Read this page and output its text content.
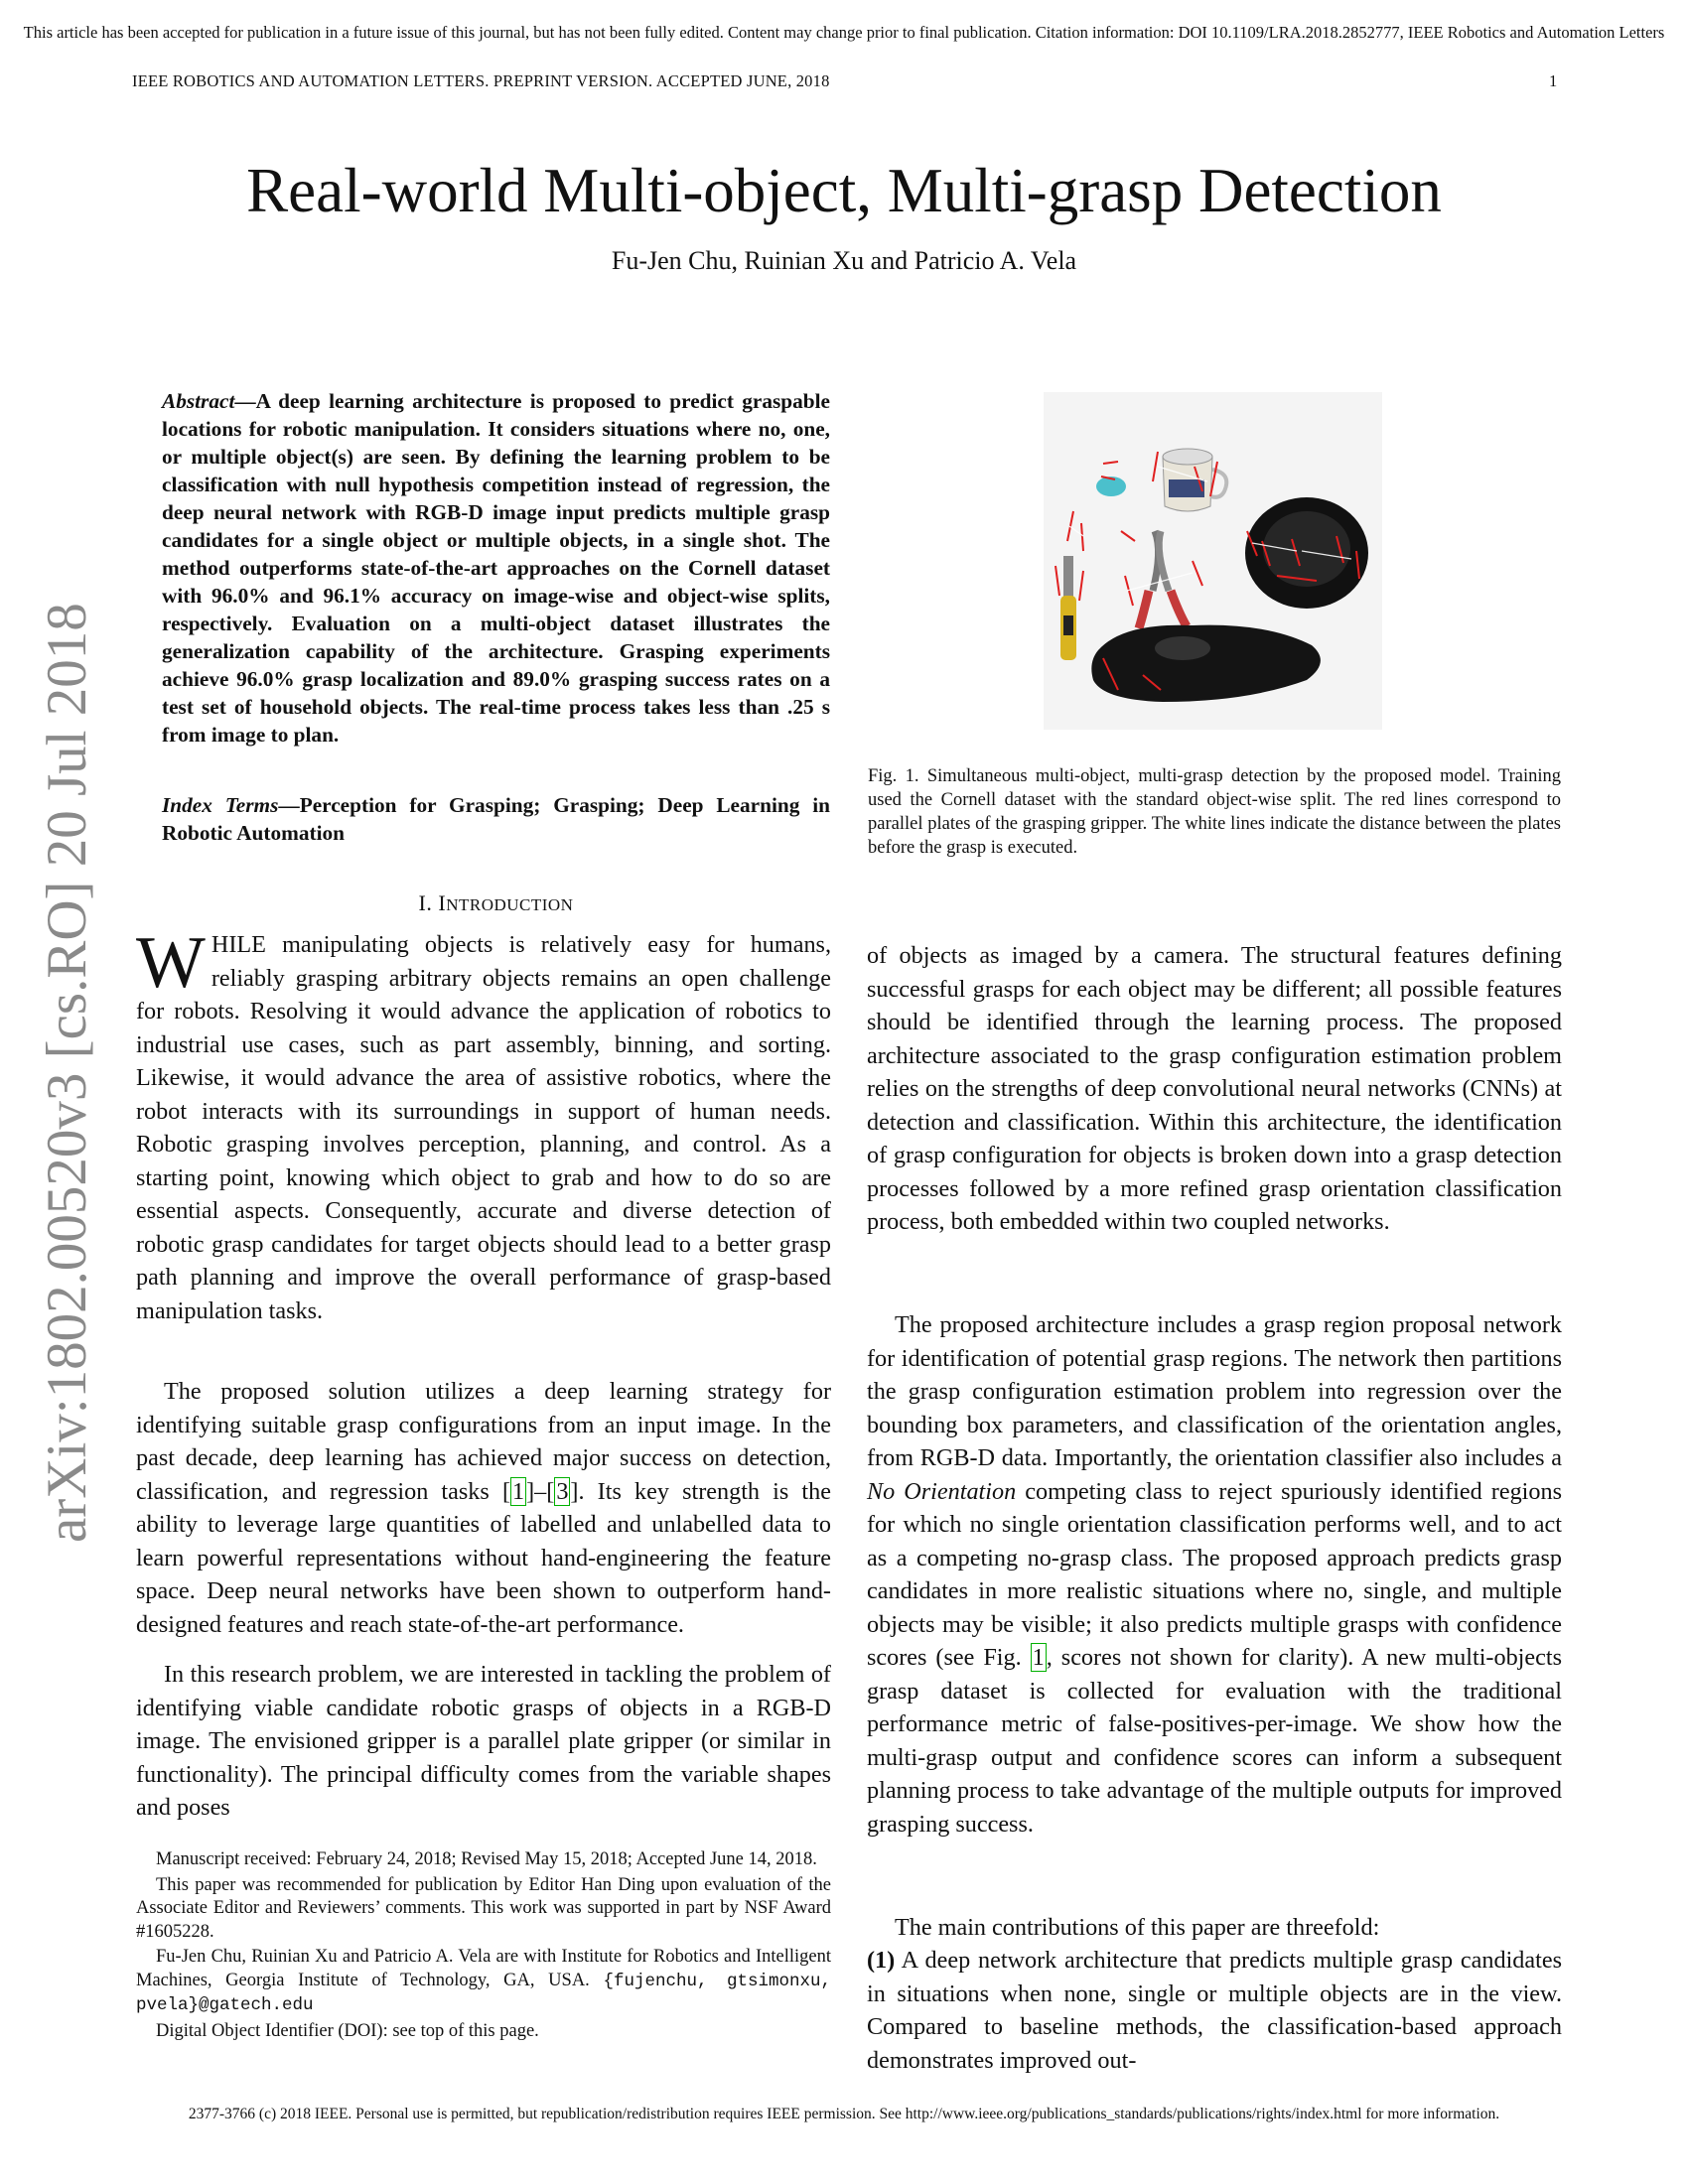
This article has been accepted for publication in a future issue of this journal, but has not been fully edited. Content may change prior to final publication. Citation information: DOI 10.1109/LRA.2018.2852777, IEEE Robotics and Automation Letters
IEEE ROBOTICS AND AUTOMATION LETTERS. PREPRINT VERSION. ACCEPTED JUNE, 2018	1
Real-world Multi-object, Multi-grasp Detection
Fu-Jen Chu, Ruinian Xu and Patricio A. Vela
arXiv:1802.00520v3 [cs.RO] 20 Jul 2018
Abstract—A deep learning architecture is proposed to predict graspable locations for robotic manipulation. It considers situations where no, one, or multiple object(s) are seen. By defining the learning problem to be classification with null hypothesis competition instead of regression, the deep neural network with RGB-D image input predicts multiple grasp candidates for a single object or multiple objects, in a single shot. The method outperforms state-of-the-art approaches on the Cornell dataset with 96.0% and 96.1% accuracy on image-wise and object-wise splits, respectively. Evaluation on a multi-object dataset illustrates the generalization capability of the architecture. Grasping experiments achieve 96.0% grasp localization and 89.0% grasping success rates on a test set of household objects. The real-time process takes less than .25 s from image to plan.
Index Terms—Perception for Grasping; Grasping; Deep Learning in Robotic Automation
I. INTRODUCTION
WHILE manipulating objects is relatively easy for humans, reliably grasping arbitrary objects remains an open challenge for robots. Resolving it would advance the application of robotics to industrial use cases, such as part assembly, binning, and sorting. Likewise, it would advance the area of assistive robotics, where the robot interacts with its surroundings in support of human needs. Robotic grasping involves perception, planning, and control. As a starting point, knowing which object to grab and how to do so are essential aspects. Consequently, accurate and diverse detection of robotic grasp candidates for target objects should lead to a better grasp path planning and improve the overall performance of grasp-based manipulation tasks.

The proposed solution utilizes a deep learning strategy for identifying suitable grasp configurations from an input image. In the past decade, deep learning has achieved major success on detection, classification, and regression tasks [1]–[3]. Its key strength is the ability to leverage large quantities of labelled and unlabelled data to learn powerful representations without hand-engineering the feature space. Deep neural networks have been shown to outperform hand-designed features and reach state-of-the-art performance.

In this research problem, we are interested in tackling the problem of identifying viable candidate robotic grasps of objects in a RGB-D image. The envisioned gripper is a parallel plate gripper (or similar in functionality). The principal difficulty comes from the variable shapes and poses

Manuscript received: February 24, 2018; Revised May 15, 2018; Accepted June 14, 2018.

This paper was recommended for publication by Editor Han Ding upon evaluation of the Associate Editor and Reviewers’ comments. This work was supported in part by NSF Award #1605228.

Fu-Jen Chu, Ruinian Xu and Patricio A. Vela are with Institute for Robotics and Intelligent Machines, Georgia Institute of Technology, GA, USA. {fujenchu, gtsimonxu, pvela}@gatech.edu

Digital Object Identifier (DOI): see top of this page.

Fig. 1. Simultaneous multi-object, multi-grasp detection by the proposed model. Training used the Cornell dataset with the standard object-wise split. The red lines correspond to parallel plates of the grasping gripper. The white lines indicate the distance between the plates before the grasp is executed.
of objects as imaged by a camera. The structural features defining successful grasps for each object may be different; all possible features should be identified through the learning process. The proposed architecture associated to the grasp configuration estimation problem relies on the strengths of deep convolutional neural networks (CNNs) at detection and classification. Within this architecture, the identification of grasp configuration for objects is broken down into a grasp detection processes followed by a more refined grasp orientation classification process, both embedded within two coupled networks.

The proposed architecture includes a grasp region proposal network for identification of potential grasp regions. The network then partitions the grasp configuration estimation problem into regression over the bounding box parameters, and classification of the orientation angles, from RGB-D data. Importantly, the orientation classifier also includes a No Orientation competing class to reject spuriously identified regions for which no single orientation classification performs well, and to act as a competing no-grasp class. The proposed approach predicts grasp candidates in more realistic situations where no, single, and multiple objects may be visible; it also predicts multiple grasps with confidence scores (see Fig. 1, scores not shown for clarity). A new multi-objects grasp dataset is collected for evaluation with the traditional performance metric of false-positives-per-image. We show how the multi-grasp output and confidence scores can inform a subsequent planning process to take advantage of the multiple outputs for improved grasping success.

The main contributions of this paper are threefold:

(1) A deep network architecture that predicts multiple grasp candidates in situations when none, single or multiple objects are in the view. Compared to baseline methods, the classification-based approach demonstrates improved out-
2377-3766 (c) 2018 IEEE. Personal use is permitted, but republication/redistribution requires IEEE permission. See http://www.ieee.org/publications_standards/publications/rights/index.html for more information.
